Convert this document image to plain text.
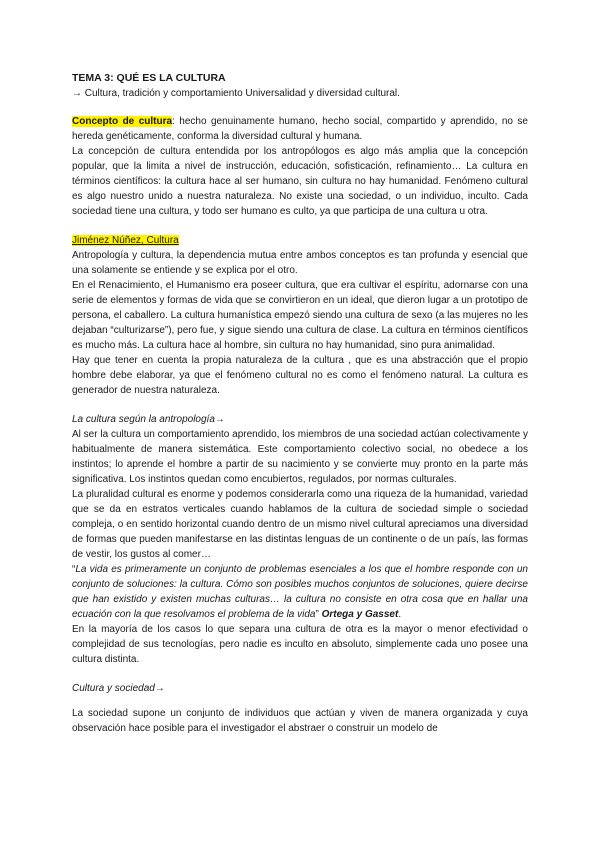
TEMA 3: QUÉ ES LA CULTURA
→ Cultura, tradición y comportamiento Universalidad y diversidad cultural.

Concepto de cultura: hecho genuinamente humano, hecho social, compartido y aprendido, no se hereda genéticamente, conforma la diversidad cultural y humana.

La concepción de cultura entendida por los antropólogos es algo más amplia que la concepción popular, que la limita a nivel de instrucción, educación, sofisticación, refinamiento… La cultura en términos científicos: la cultura hace al ser humano, sin cultura no hay humanidad. Fenómeno cultural es algo nuestro unido a nuestra naturaleza. No existe una sociedad, o un individuo, inculto. Cada sociedad tiene una cultura, y todo ser humano es culto, ya que participa de una cultura u otra.

Jiménez Núñez, Cultura

Antropología y cultura, la dependencia mutua entre ambos conceptos es tan profunda y esencial que una solamente se entiende y se explica por el otro.

En el Renacimiento, el Humanismo era poseer cultura, que era cultivar el espíritu, adornarse con una serie de elementos y formas de vida que se convirtieron en un ideal, que dieron lugar a un prototipo de persona, el caballero. La cultura humanística empezó siendo una cultura de sexo (a las mujeres no les dejaban “culturizarse”), pero fue, y sigue siendo una cultura de clase. La cultura en términos científicos es mucho más. La cultura hace al hombre, sin cultura no hay humanidad, sino pura animalidad.

Hay que tener en cuenta la propia naturaleza de la cultura , que es una abstracción que el propio hombre debe elaborar, ya que el fenómeno cultural no es como el fenómeno natural. La cultura es generador de nuestra naturaleza.

La cultura según la antropología→

Al ser la cultura un comportamiento aprendido, los miembros de una sociedad actúan colectivamente y habitualmente de manera sistemática. Este comportamiento colectivo social, no obedece a los instintos; lo aprende el hombre a partir de su nacimiento y se convierte muy pronto en la parte más significativa. Los instintos quedan como encubiertos, regulados, por normas culturales.

La pluralidad cultural es enorme y podemos considerarla como una riqueza de la humanidad, variedad que se da en estratos verticales cuando hablamos de la cultura de sociedad simple o sociedad compleja, o en sentido horizontal cuando dentro de un mismo nivel cultural apreciamos una diversidad de formas que pueden manifestarse en las distintas lenguas de un continente o de un país, las formas de vestir, los gustos al comer…

“La vida es primeramente un conjunto de problemas esenciales a los que el hombre responde con un conjunto de soluciones: la cultura. Cómo son posibles muchos conjuntos de soluciones, quiere decirse que han existido y existen muchas culturas… la cultura no consiste en otra cosa que en hallar una ecuación con la que resolvamos el problema de la vida” Ortega y Gasset.

En la mayoría de los casos lo que separa una cultura de otra es la mayor o menor efectividad o complejidad de sus tecnologías, pero nadie es inculto en absoluto, simplemente cada uno posee una cultura distinta.

Cultura y sociedad→

La sociedad supone un conjunto de individuos que actúan y viven de manera organizada y cuya observación hace posible para el investigador el abstraer o construir un modelo de
